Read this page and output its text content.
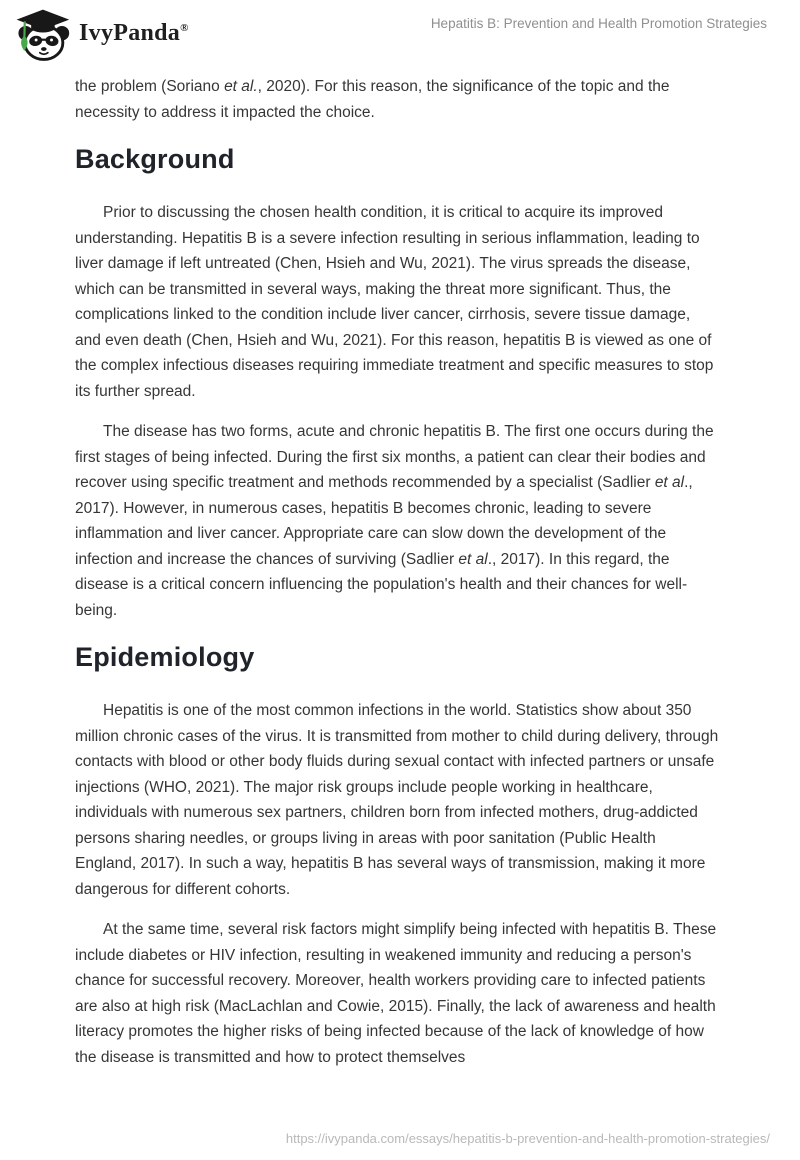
IvyPanda®	Hepatitis B: Prevention and Health Promotion Strategies

the problem (Soriano et al., 2020). For this reason, the significance of the topic and the necessity to address it impacted the choice.

Background

Prior to discussing the chosen health condition, it is critical to acquire its improved understanding. Hepatitis B is a severe infection resulting in serious inflammation, leading to liver damage if left untreated (Chen, Hsieh and Wu, 2021). The virus spreads the disease, which can be transmitted in several ways, making the threat more significant. Thus, the complications linked to the condition include liver cancer, cirrhosis, severe tissue damage, and even death (Chen, Hsieh and Wu, 2021). For this reason, hepatitis B is viewed as one of the complex infectious diseases requiring immediate treatment and specific measures to stop its further spread.

The disease has two forms, acute and chronic hepatitis B. The first one occurs during the first stages of being infected. During the first six months, a patient can clear their bodies and recover using specific treatment and methods recommended by a specialist (Sadlier et al., 2017). However, in numerous cases, hepatitis B becomes chronic, leading to severe inflammation and liver cancer. Appropriate care can slow down the development of the infection and increase the chances of surviving (Sadlier et al., 2017). In this regard, the disease is a critical concern influencing the population's health and their chances for well-being.

Epidemiology

Hepatitis is one of the most common infections in the world. Statistics show about 350 million chronic cases of the virus. It is transmitted from mother to child during delivery, through contacts with blood or other body fluids during sexual contact with infected partners or unsafe injections (WHO, 2021). The major risk groups include people working in healthcare, individuals with numerous sex partners, children born from infected mothers, drug-addicted persons sharing needles, or groups living in areas with poor sanitation (Public Health England, 2017). In such a way, hepatitis B has several ways of transmission, making it more dangerous for different cohorts.

At the same time, several risk factors might simplify being infected with hepatitis B. These include diabetes or HIV infection, resulting in weakened immunity and reducing a person's chance for successful recovery. Moreover, health workers providing care to infected patients are also at high risk (MacLachlan and Cowie, 2015). Finally, the lack of awareness and health literacy promotes the higher risks of being infected because of the lack of knowledge of how the disease is transmitted and how to protect themselves

https://ivypanda.com/essays/hepatitis-b-prevention-and-health-promotion-strategies/
